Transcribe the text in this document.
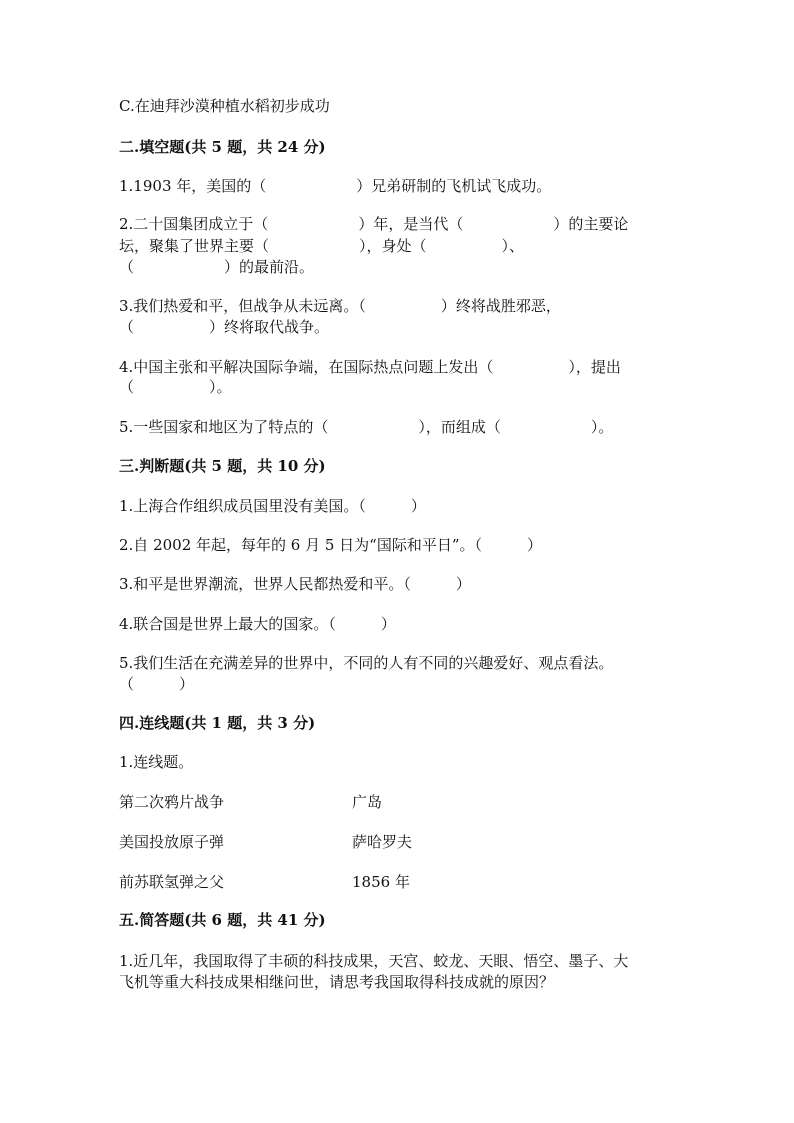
C.在迪拜沙漠种植水稻初步成功
二.填空题(共 5 题，共 24 分)
1.1903 年，美国的（　　　　　　）兄弟研制的飞机试飞成功。
2.二十国集团成立于（　　　　　　）年，是当代（　　　　　　）的主要论
坛，聚集了世界主要（　　　　　　），身处（　　　　　）、
（　　　　　　）的最前沿。
3.我们热爱和平，但战争从未远离。（　　　　　）终将战胜邪恶，
（　　　　　）终将取代战争。
4.中国主张和平解决国际争端，在国际热点问题上发出（　　　　　），提出
（　　　　　）。
5.一些国家和地区为了特点的（　　　　　　），而组成（　　　　　　）。
三.判断题(共 5 题，共 10 分)
1.上海合作组织成员国里没有美国。（　　　）
2.自 2002 年起，每年的 6 月 5 日为“国际和平日”。（　　　）
3.和平是世界潮流，世界人民都热爱和平。（　　　）
4.联合国是世界上最大的国家。（　　　）
5.我们生活在充满差异的世界中，不同的人有不同的兴趣爱好、观点看法。
（　　　）
四.连线题(共 1 题，共 3 分)
1.连线题。
第二次鸦片战争	广岛
美国投放原子弹	萨哈罗夫
前苏联氢弹之父	1856 年
五.简答题(共 6 题，共 41 分)
1.近几年，我国取得了丰硕的科技成果，天宫、蛟龙、天眼、悟空、墨子、大
飞机等重大科技成果相继问世，请思考我国取得科技成就的原因？
